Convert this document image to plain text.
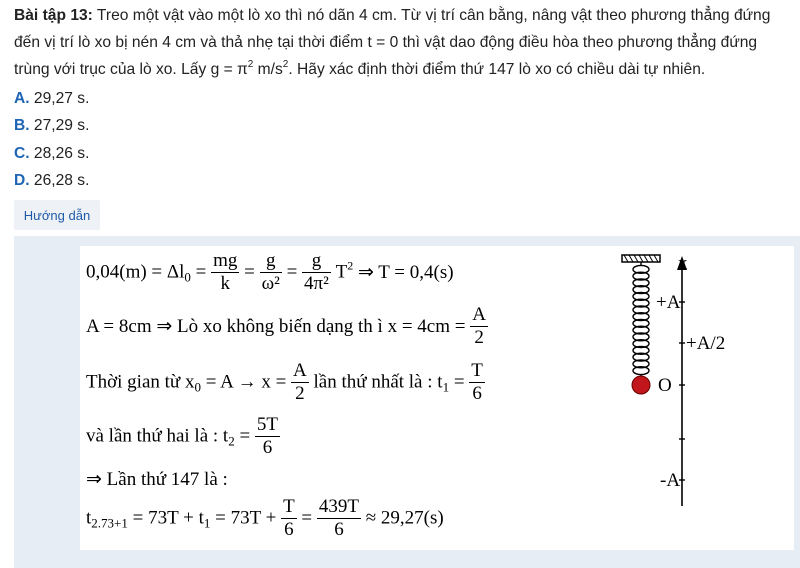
Bài tập 13: Treo một vật vào một lò xo thì nó dãn 4 cm. Từ vị trí cân bằng, nâng vật theo phương thẳng đứng đến vị trí lò xo bị nén 4 cm và thả nhẹ tại thời điểm t = 0 thì vật dao động điều hòa theo phương thẳng đứng trùng với trục của lò xo. Lấy $g = \pi^2$ $m/s^2$. Hãy xác định thời điểm thứ 147 lò xo có chiều dài tự nhiên.
A. 29,27 s.
B. 27,29 s.
C. 28,26 s.
D. 26,28 s.
Hướng dẫn
$0,04(m) = \Delta l_0 = \frac{mg}{k} = \frac{g}{\text{ω²}} = \frac{g}{\text{4π²}} T^2$ ⇒ T = 0,4(s)
A = 8cm ⇒ Lò xo không biến dạng th ì $x = 4cm = \frac{A}{2}$
Thời gian từ $x_0 = A \to x = \frac{A}{2}$ lần thứ nhất là : $t_1 = \frac{T}{6}$
và lần thứ hai là : $t_2 = \frac{5T}{6}$
⇒ Lần thứ 147 là :
$t_{2.73+1} = 73T + t_1 = 73T + \frac{T}{6} = \frac{439T}{6} \approx 29,27(s)$
x
+A
+A/2
O
-A
